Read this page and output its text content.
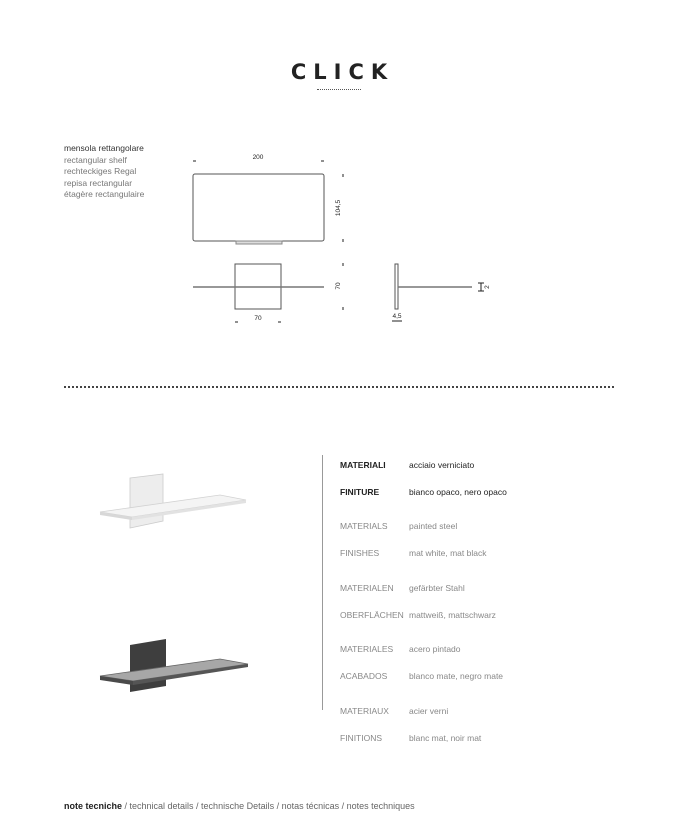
CLICK
mensola rettangolare
rectangular shelf
rechteckiges Regal
repisa rectangular
étagère rectangulaire
200
104,5
70
70
2
4,5
MATERIALI	acciaio verniciato
FINITURE	bianco opaco, nero opaco
MATERIALS	painted steel
FINISHES	mat white, mat black
MATERIALEN gefärbter Stahl
OBERFLÄCHEN mattweiß, mattschwarz
MATERIALES acero pintado
ACABADOS	blanco mate, negro mate
MATERIAUX acier verni
FINITIONS	blanc mat, noir mat
note tecniche / technical details / technische Details / notas técnicas / notes techniques
